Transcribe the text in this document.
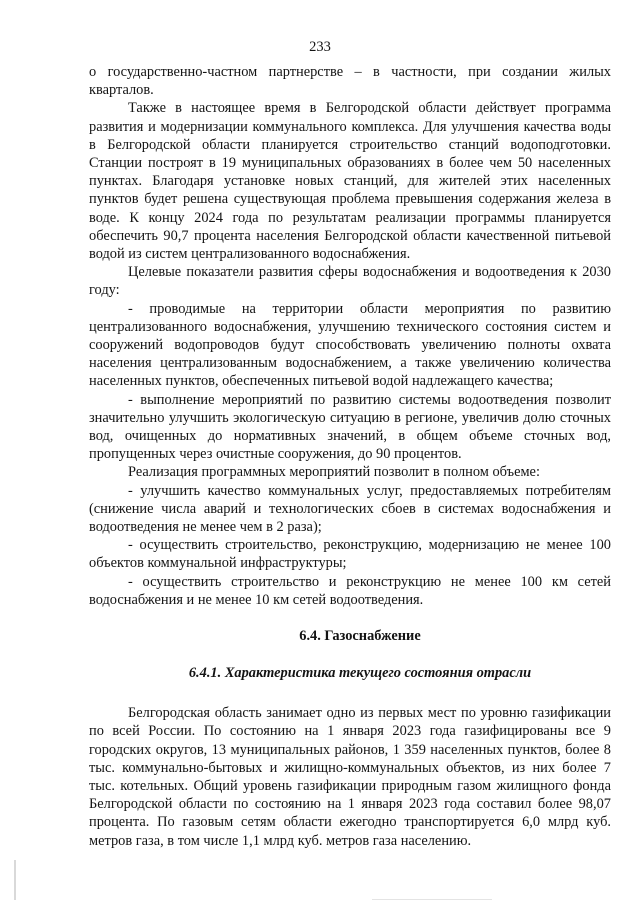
233

о государственно-частном партнерстве – в частности, при создании жилых кварталов.

Также в настоящее время в Белгородской области действует программа развития и модернизации коммунального комплекса. Для улучшения качества воды в Белгородской области планируется строительство станций водоподготовки. Станции построят в 19 муниципальных образованиях в более чем 50 населенных пунктах. Благодаря установке новых станций, для жителей этих населенных пунктов будет решена существующая проблема превышения содержания железа в воде. К концу 2024 года по результатам реализации программы планируется обеспечить 90,7 процента населения Белгородской области качественной питьевой водой из систем централизованного водоснабжения.

Целевые показатели развития сферы водоснабжения и водоотведения к 2030 году:

- проводимые на территории области мероприятия по развитию централизованного водоснабжения, улучшению технического состояния систем и сооружений водопроводов будут способствовать увеличению полноты охвата населения централизованным водоснабжением, а также увеличению количества населенных пунктов, обеспеченных питьевой водой надлежащего качества;

- выполнение мероприятий по развитию системы водоотведения позволит значительно улучшить экологическую ситуацию в регионе, увеличив долю сточных вод, очищенных до нормативных значений, в общем объеме сточных вод, пропущенных через очистные сооружения, до 90 процентов.

Реализация программных мероприятий позволит в полном объеме:

- улучшить качество коммунальных услуг, предоставляемых потребителям (снижение числа аварий и технологических сбоев в системах водоснабжения и водоотведения не менее чем в 2 раза);

- осуществить строительство, реконструкцию, модернизацию не менее 100 объектов коммунальной инфраструктуры;

- осуществить строительство и реконструкцию не менее 100 км сетей водоснабжения и не менее 10 км сетей водоотведения.

6.4. Газоснабжение
6.4.1. Характеристика текущего состояния отрасли

Белгородская область занимает одно из первых мест по уровню газификации по всей России. По состоянию на 1 января 2023 года газифицированы все 9 городских округов, 13 муниципальных районов, 1 359 населенных пунктов, более 8 тыс. коммунально-бытовых и жилищно-коммунальных объектов, из них более 7 тыс. котельных. Общий уровень газификации природным газом жилищного фонда Белгородской области по состоянию на 1 января 2023 года составил более 98,07 процента. По газовым сетям области ежегодно транспортируется 6,0 млрд куб. метров газа, в том числе 1,1 млрд куб. метров газа населению.
